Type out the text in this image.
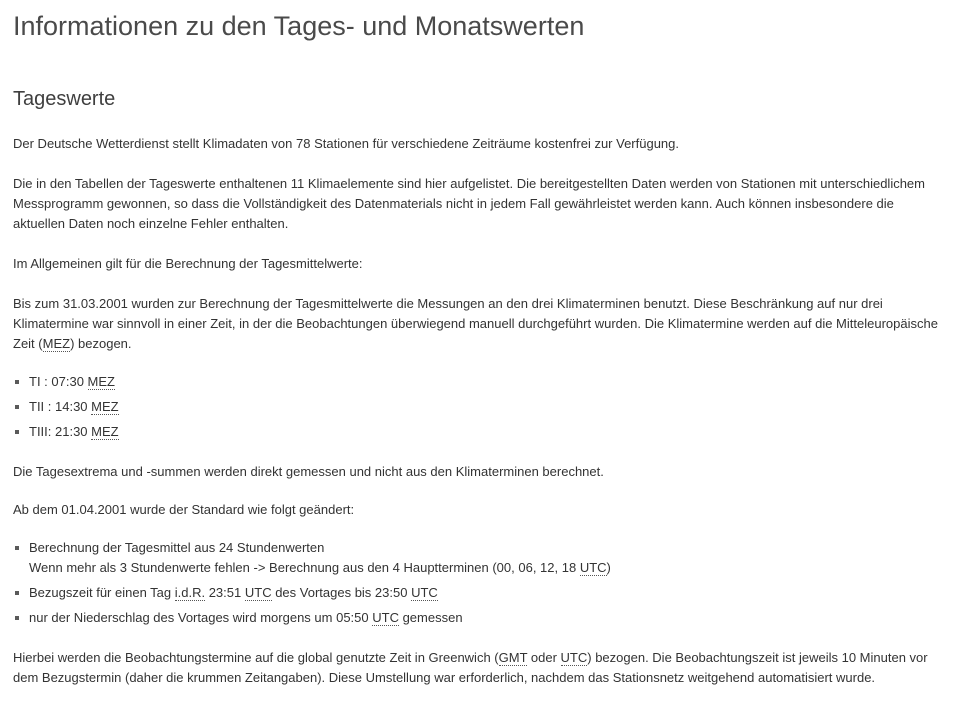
Informationen zu den Tages- und Monatswerten
Tageswerte

Der Deutsche Wetterdienst stellt Klimadaten von 78 Stationen für verschiedene Zeiträume kostenfrei zur Verfügung.

Die in den Tabellen der Tageswerte enthaltenen 11 Klimaelemente sind hier aufgelistet. Die bereitgestellten Daten werden von Stationen mit unterschiedlichem Messprogramm gewonnen, so dass die Vollständigkeit des Datenmaterials nicht in jedem Fall gewährleistet werden kann. Auch können insbesondere die aktuellen Daten noch einzelne Fehler enthalten.

Im Allgemeinen gilt für die Berechnung der Tagesmittelwerte:

Bis zum 31.03.2001 wurden zur Berechnung der Tagesmittelwerte die Messungen an den drei Klimaterminen benutzt. Diese Beschränkung auf nur drei Klimatermine war sinnvoll in einer Zeit, in der die Beobachtungen überwiegend manuell durchgeführt wurden. Die Klimatermine werden auf die Mitteleuropäische Zeit (MEZ) bezogen.

TI : 07:30 MEZ
TII : 14:30 MEZ
TIII: 21:30 MEZ

Die Tagesextrema und -summen werden direkt gemessen und nicht aus den Klimaterminen berechnet.

Ab dem 01.04.2001 wurde der Standard wie folgt geändert:

Berechnung der Tagesmittel aus 24 Stundenwerten
Wenn mehr als 3 Stundenwerte fehlen -> Berechnung aus den 4 Hauptterminen (00, 06, 12, 18 UTC)
Bezugszeit für einen Tag i.d.R. 23:51 UTC des Vortages bis 23:50 UTC
nur der Niederschlag des Vortages wird morgens um 05:50 UTC gemessen

Hierbei werden die Beobachtungstermine auf die global genutzte Zeit in Greenwich (GMT oder UTC) bezogen. Die Beobachtungszeit ist jeweils 10 Minuten vor dem Bezugstermin (daher die krummen Zeitangaben). Diese Umstellung war erforderlich, nachdem das Stationsnetz weitgehend automatisiert wurde.
